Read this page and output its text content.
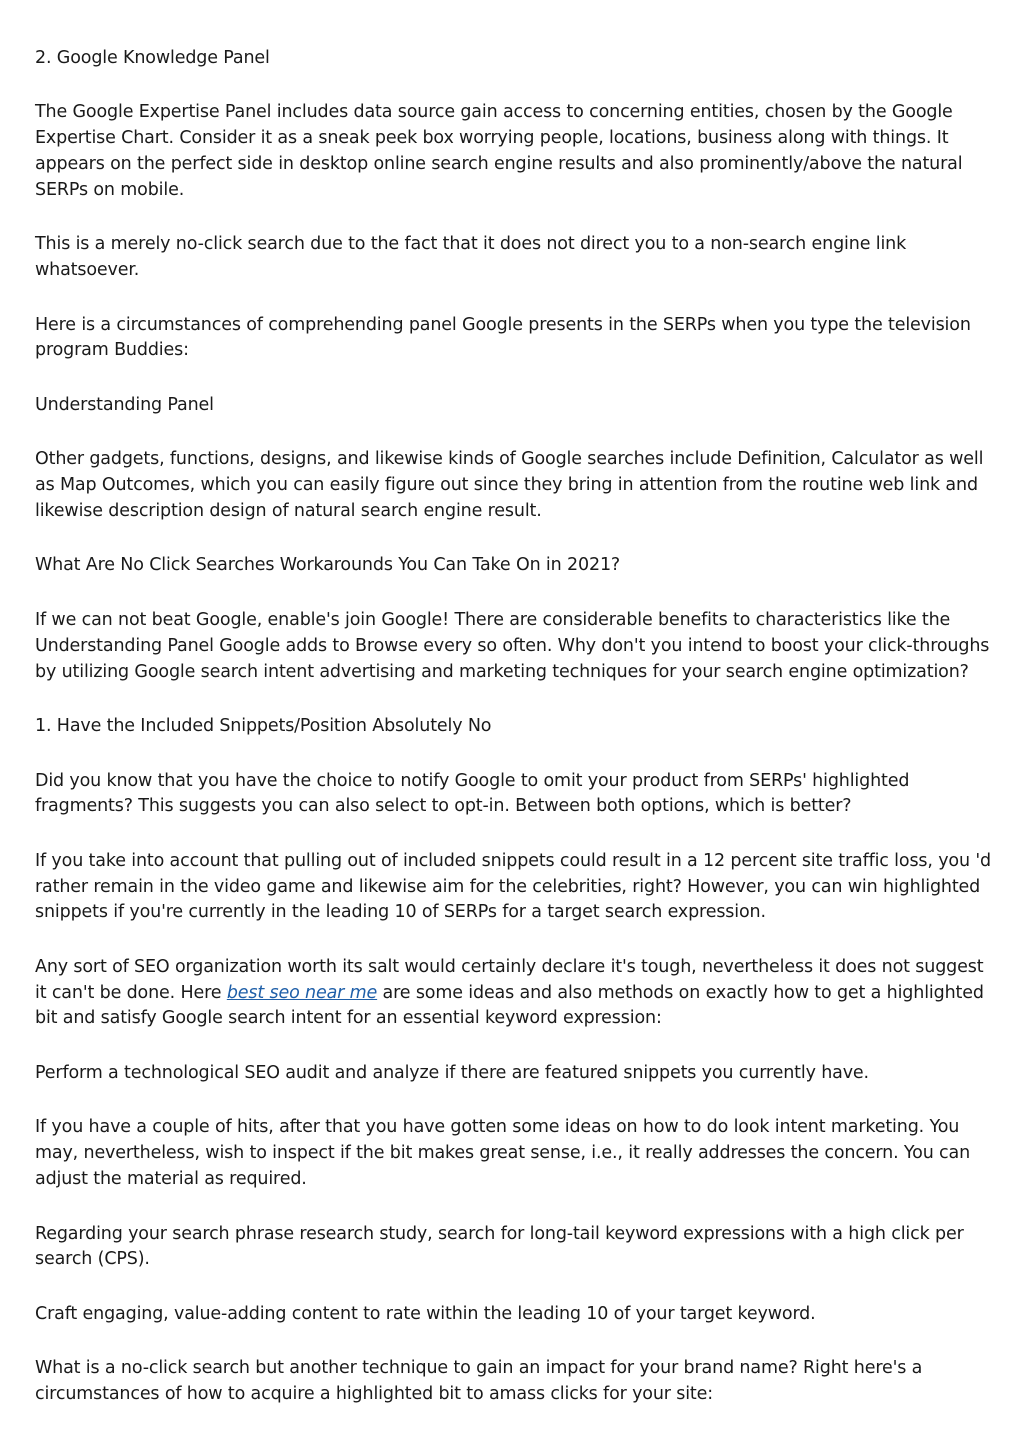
2. Google Knowledge Panel

The Google Expertise Panel includes data source gain access to concerning entities, chosen by the Google Expertise Chart. Consider it as a sneak peek box worrying people, locations, business along with things. It appears on the perfect side in desktop online search engine results and also prominently/above the natural SERPs on mobile.

This is a merely no-click search due to the fact that it does not direct you to a non-search engine link whatsoever.

Here is a circumstances of comprehending panel Google presents in the SERPs when you type the television program Buddies:

Understanding Panel

Other gadgets, functions, designs, and likewise kinds of Google searches include Definition, Calculator as well as Map Outcomes, which you can easily figure out since they bring in attention from the routine web link and likewise description design of natural search engine result.

What Are No Click Searches Workarounds You Can Take On in 2021?

If we can not beat Google, enable's join Google! There are considerable benefits to characteristics like the Understanding Panel Google adds to Browse every so often. Why don't you intend to boost your click-throughs by utilizing Google search intent advertising and marketing techniques for your search engine optimization?

1. Have the Included Snippets/Position Absolutely No

Did you know that you have the choice to notify Google to omit your product from SERPs' highlighted fragments? This suggests you can also select to opt-in. Between both options, which is better?

If you take into account that pulling out of included snippets could result in a 12 percent site traffic loss, you 'd rather remain in the video game and likewise aim for the celebrities, right? However, you can win highlighted snippets if you're currently in the leading 10 of SERPs for a target search expression.

Any sort of SEO organization worth its salt would certainly declare it's tough, nevertheless it does not suggest it can't be done. Here best seo near me are some ideas and also methods on exactly how to get a highlighted bit and satisfy Google search intent for an essential keyword expression:

Perform a technological SEO audit and analyze if there are featured snippets you currently have.

If you have a couple of hits, after that you have gotten some ideas on how to do look intent marketing. You may, nevertheless, wish to inspect if the bit makes great sense, i.e., it really addresses the concern. You can adjust the material as required.

Regarding your search phrase research study, search for long-tail keyword expressions with a high click per search (CPS).

Craft engaging, value-adding content to rate within the leading 10 of your target keyword.

What is a no-click search but another technique to gain an impact for your brand name? Right here's a circumstances of how to acquire a highlighted bit to amass clicks for your site:
